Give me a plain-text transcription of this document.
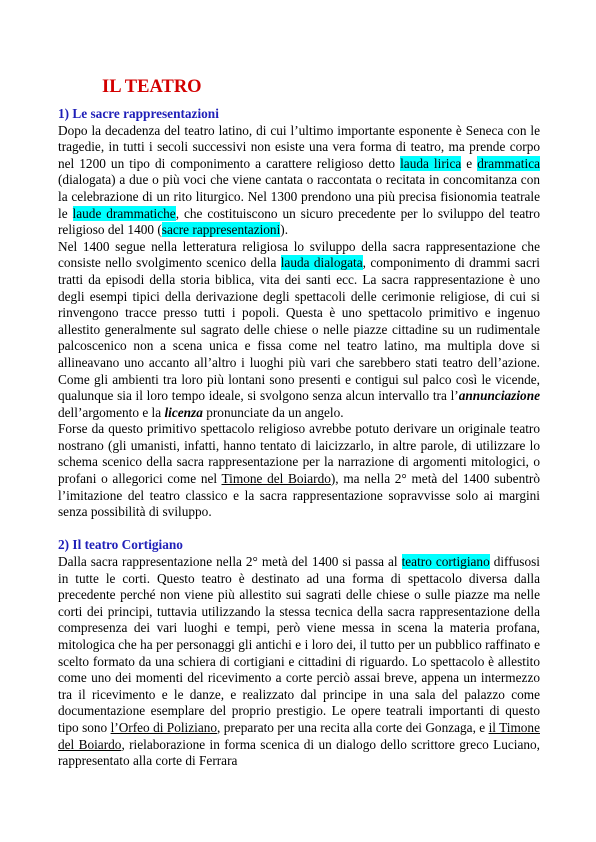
IL TEATRO
1) Le sacre rappresentazioni

Dopo la decadenza del teatro latino, di cui l’ultimo importante esponente è Seneca con le tragedie, in tutti i secoli successivi non esiste una vera forma di teatro, ma prende corpo nel 1200 un tipo di componimento a carattere religioso detto lauda lirica e drammatica (dialogata) a due o più voci che viene cantata o raccontata o recitata in concomitanza con la celebrazione di un rito liturgico. Nel 1300 prendono una più precisa fisionomia teatrale le laude drammatiche, che costituiscono un sicuro precedente per lo sviluppo del teatro religioso del 1400 (sacre rappresentazioni).

Nel 1400 segue nella letteratura religiosa lo sviluppo della sacra rappresentazione che consiste nello svolgimento scenico della lauda dialogata, componimento di drammi sacri tratti da episodi della storia biblica, vita dei santi ecc. La sacra rappresentazione è uno degli esempi tipici della derivazione degli spettacoli delle cerimonie religiose, di cui si rinvengono tracce presso tutti i popoli. Questa è uno spettacolo primitivo e ingenuo allestito generalmente sul sagrato delle chiese o nelle piazze cittadine su un rudimentale palcoscenico non a scena unica e fissa come nel teatro latino, ma multipla dove si allineavano uno accanto all’altro i luoghi più vari che sarebbero stati teatro dell’azione. Come gli ambienti tra loro più lontani sono presenti e contigui sul palco così le vicende, qualunque sia il loro tempo ideale, si svolgono senza alcun intervallo tra l’annunciazione dell’argomento e la licenza pronunciate da un angelo.

Forse da questo primitivo spettacolo religioso avrebbe potuto derivare un originale teatro nostrano (gli umanisti, infatti, hanno tentato di laicizzarlo, in altre parole, di utilizzare lo schema scenico della sacra rappresentazione per la narrazione di argomenti mitologici, o profani o allegorici come nel Timone del Boiardo), ma nella 2° metà del 1400 subentrò l’imitazione del teatro classico e la sacra rappresentazione sopravvisse solo ai margini senza possibilità di sviluppo.

2) Il teatro Cortigiano

Dalla sacra rappresentazione nella 2° metà del 1400 si passa al teatro cortigiano diffusosi in tutte le corti. Questo teatro è destinato ad una forma di spettacolo diversa dalla precedente perché non viene più allestito sui sagrati delle chiese o sulle piazze ma nelle corti dei principi, tuttavia utilizzando la stessa tecnica della sacra rappresentazione della compresenza dei vari luoghi e tempi, però viene messa in scena la materia profana, mitologica che ha per personaggi gli antichi e i loro dei, il tutto per un pubblico raffinato e scelto formato da una schiera di cortigiani e cittadini di riguardo. Lo spettacolo è allestito come uno dei momenti del ricevimento a corte perciò assai breve, appena un intermezzo tra il ricevimento e le danze, e realizzato dal principe in una sala del palazzo come documentazione esemplare del proprio prestigio. Le opere teatrali importanti di questo tipo sono l’Orfeo di Poliziano, preparato per una recita alla corte dei Gonzaga, e il Timone del Boiardo, rielaborazione in forma scenica di un dialogo dello scrittore greco Luciano, rappresentato alla corte di Ferrara
